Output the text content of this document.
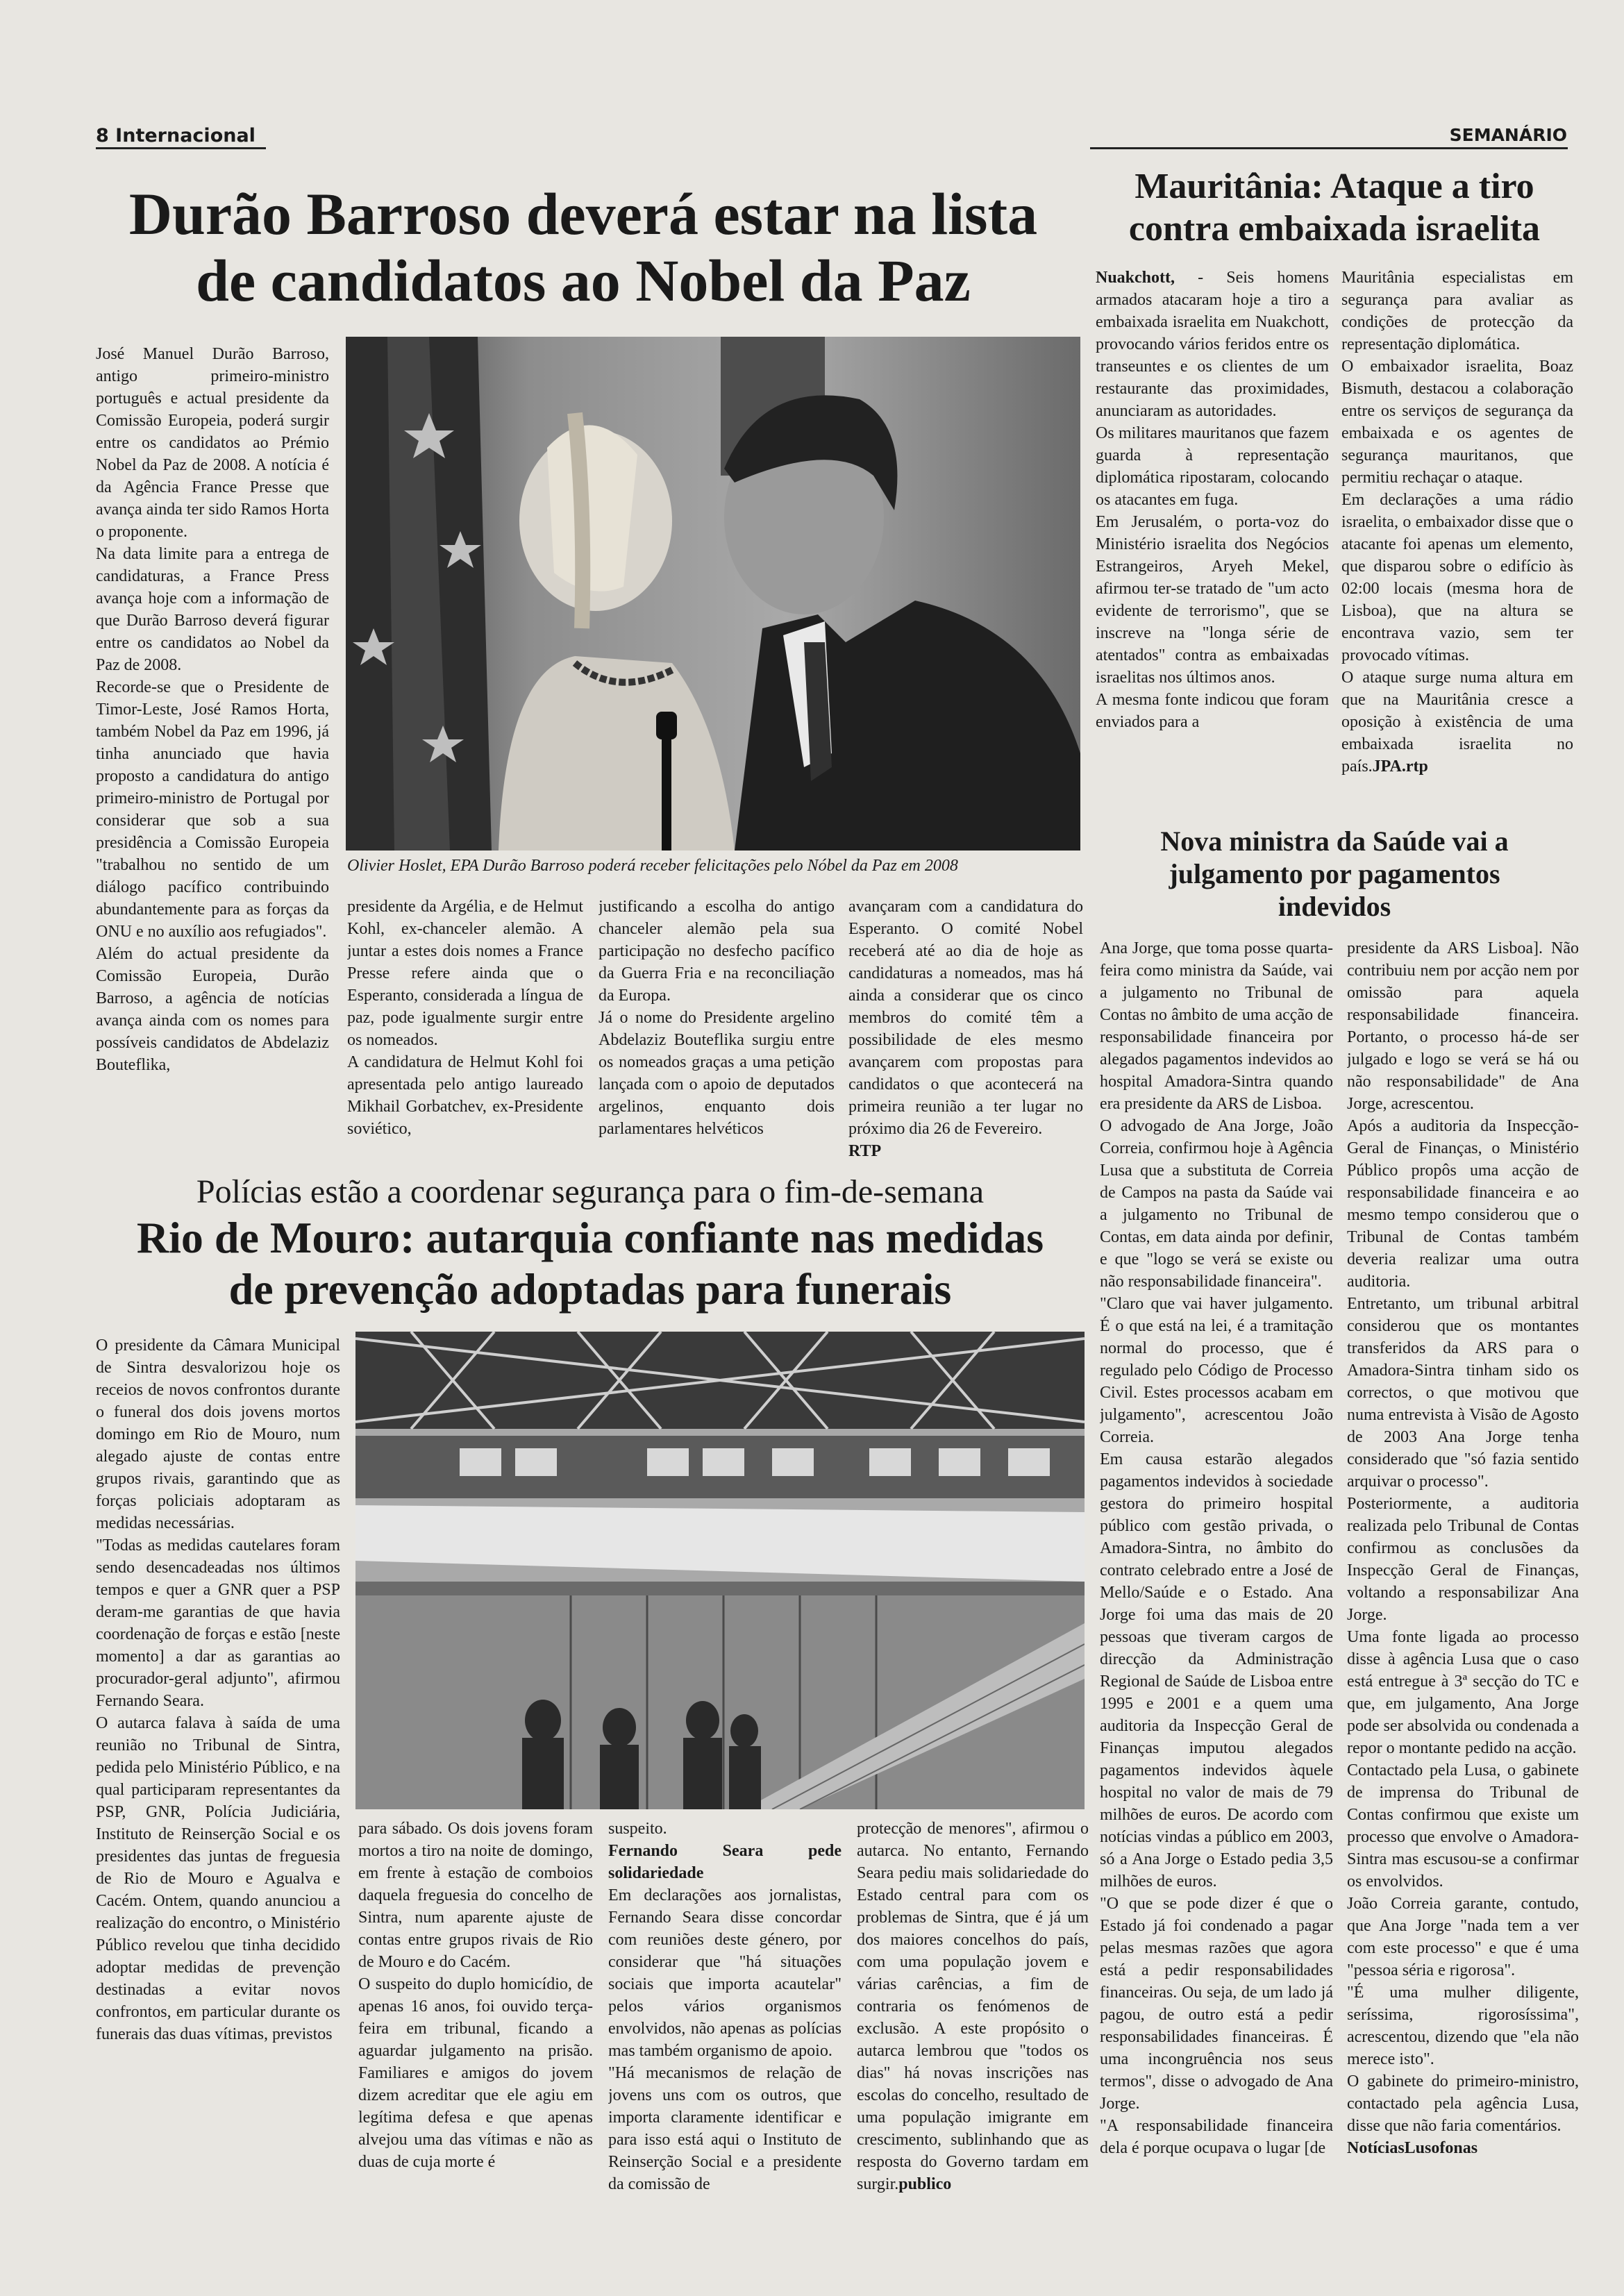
8 Internacional	SEMANÁRIO
Durão Barroso deverá estar na lista
de candidatos ao Nobel da Paz
Olivier Hoslet, EPA Durão Barroso poderá receber felicitações pelo Nóbel da Paz em 2008

José Manuel Durão Barroso, antigo primeiro-ministro português e actual presidente da Comissão Europeia, poderá surgir entre os candidatos ao Prémio Nobel da Paz de 2008. A notícia é da Agência France Presse que avança ainda ter sido Ramos Horta o proponente.

Na data limite para a entrega de candidaturas, a France Press avança hoje com a informação de que Durão Barroso deverá figurar entre os candidatos ao Nobel da Paz de 2008.

Recorde-se que o Presidente de Timor-Leste, José Ramos Horta, também Nobel da Paz em 1996, já tinha anunciado que havia proposto a candidatura do antigo primeiro-ministro de Portugal por considerar que sob a sua presidência a Comissão Europeia "trabalhou no sentido de um diálogo pacífico contribuindo abundantemente para as forças da ONU e no auxílio aos refugiados".

Além do actual presidente da Comissão Europeia, Durão Barroso, a agência de notícias avança ainda com os nomes para possíveis candidatos de Abdelaziz Bouteflika,

presidente da Argélia, e de Helmut Kohl, ex-chanceler alemão. A juntar a estes dois nomes a France Presse refere ainda que o Esperanto, considerada a língua de paz, pode igualmente surgir entre os nomeados.

A candidatura de Helmut Kohl foi apresentada pelo antigo laureado Mikhail Gorbatchev, ex-Presidente soviético,

justificando a escolha do antigo chanceler alemão pela sua participação no desfecho pacífico da Guerra Fria e na reconciliação da Europa.

Já o nome do Presidente argelino Abdelaziz Bouteflika surgiu entre os nomeados graças a uma petição lançada com o apoio de deputados argelinos, enquanto dois parlamentares helvéticos

avançaram com a candidatura do Esperanto. O comité Nobel receberá até ao dia de hoje as candidaturas a nomeados, mas há ainda a considerar que os cinco membros do comité têm a possibilidade de eles mesmo avançarem com propostas para candidatos o que acontecerá na primeira reunião a ter lugar no próximo dia 26 de Fevereiro.

RTP

Mauritânia: Ataque a tiro
contra embaixada israelita

Nuakchott, - Seis homens armados atacaram hoje a tiro a embaixada israelita em Nuakchott, provocando vários feridos entre os transeuntes e os clientes de um restaurante das proximidades, anunciaram as autoridades.

Os militares mauritanos que fazem guarda à representação diplomática ripostaram, colocando os atacantes em fuga.

Em Jerusalém, o porta-voz do Ministério israelita dos Negócios Estrangeiros, Aryeh Mekel, afirmou ter-se tratado de "um acto evidente de terrorismo", que se inscreve na "longa série de atentados" contra as embaixadas israelitas nos últimos anos.

A mesma fonte indicou que foram enviados para a

Mauritânia especialistas em segurança para avaliar as condições de protecção da representação diplomática.

O embaixador israelita, Boaz Bismuth, destacou a colaboração entre os serviços de segurança da embaixada e os agentes de segurança mauritanos, que permitiu rechaçar o ataque.

Em declarações a uma rádio israelita, o embaixador disse que o atacante foi apenas um elemento, que disparou sobre o edifício às 02:00 locais (mesma hora de Lisboa), que na altura se encontrava vazio, sem ter provocado vítimas.

O ataque surge numa altura em que na Mauritânia cresce a oposição à existência de uma embaixada israelita no país.JPA.rtp

Nova ministra da Saúde vai a
julgamento por pagamentos
indevidos

Ana Jorge, que toma posse quarta-feira como ministra da Saúde, vai a julgamento no Tribunal de Contas no âmbito de uma acção de responsabilidade financeira por alegados pagamentos indevidos ao hospital Amadora-Sintra quando era presidente da ARS de Lisboa.

O advogado de Ana Jorge, João Correia, confirmou hoje à Agência Lusa que a substituta de Correia de Campos na pasta da Saúde vai a julgamento no Tribunal de Contas, em data ainda por definir, e que "logo se verá se existe ou não responsabilidade financeira".

"Claro que vai haver julgamento. É o que está na lei, é a tramitação normal do processo, que é regulado pelo Código de Processo Civil. Estes processos acabam em julgamento", acrescentou João Correia.

Em causa estarão alegados pagamentos indevidos à sociedade gestora do primeiro hospital público com gestão privada, o Amadora-Sintra, no âmbito do contrato celebrado entre a José de Mello/Saúde e o Estado. Ana Jorge foi uma das mais de 20 pessoas que tiveram cargos de direcção da Administração Regional de Saúde de Lisboa entre 1995 e 2001 e a quem uma auditoria da Inspecção Geral de Finanças imputou alegados pagamentos indevidos àquele hospital no valor de mais de 79 milhões de euros. De acordo com notícias vindas a público em 2003, só a Ana Jorge o Estado pedia 3,5 milhões de euros.

"O que se pode dizer é que o Estado já foi condenado a pagar pelas mesmas razões que agora está a pedir responsabilidades financeiras. Ou seja, de um lado já pagou, de outro está a pedir responsabilidades financeiras. É uma incongruência nos seus termos", disse o advogado de Ana Jorge.

"A responsabilidade financeira dela é porque ocupava o lugar [de

presidente da ARS Lisboa]. Não contribuiu nem por acção nem por omissão para aquela responsabilidade financeira. Portanto, o processo há-de ser julgado e logo se verá se há ou não responsabilidade" de Ana Jorge, acrescentou.

Após a auditoria da Inspecção-Geral de Finanças, o Ministério Público propôs uma acção de responsabilidade financeira e ao mesmo tempo considerou que o Tribunal de Contas também deveria realizar uma outra auditoria.

Entretanto, um tribunal arbitral considerou que os montantes transferidos da ARS para o Amadora-Sintra tinham sido os correctos, o que motivou que numa entrevista à Visão de Agosto de 2003 Ana Jorge tenha considerado que "só fazia sentido arquivar o processo".

Posteriormente, a auditoria realizada pelo Tribunal de Contas confirmou as conclusões da Inspecção Geral de Finanças, voltando a responsabilizar Ana Jorge.

Uma fonte ligada ao processo disse à agência Lusa que o caso está entregue à 3ª secção do TC e que, em julgamento, Ana Jorge pode ser absolvida ou condenada a repor o montante pedido na acção.

Contactado pela Lusa, o gabinete de imprensa do Tribunal de Contas confirmou que existe um processo que envolve o Amadora-Sintra mas escusou-se a confirmar os envolvidos.

João Correia garante, contudo, que Ana Jorge "nada tem a ver com este processo" e que é uma "pessoa séria e rigorosa".

"É uma mulher diligente, seríssima, rigorosíssima", acrescentou, dizendo que "ela não merece isto".

O gabinete do primeiro-ministro, contactado pela agência Lusa, disse que não faria comentários.

NotíciasLusofonas

Polícias estão a coordenar segurança para o fim-de-semana
Rio de Mouro: autarquia confiante nas medidas
de prevenção adoptadas para funerais

O presidente da Câmara Municipal de Sintra desvalorizou hoje os receios de novos confrontos durante o funeral dos dois jovens mortos domingo em Rio de Mouro, num alegado ajuste de contas entre grupos rivais, garantindo que as forças policiais adoptaram as medidas necessárias.

"Todas as medidas cautelares foram sendo desencadeadas nos últimos tempos e quer a GNR quer a PSP deram-me garantias de que havia coordenação de forças e estão [neste momento] a dar as garantias ao procurador-geral adjunto", afirmou Fernando Seara.

O autarca falava à saída de uma reunião no Tribunal de Sintra, pedida pelo Ministério Público, e na qual participaram representantes da PSP, GNR, Polícia Judiciária, Instituto de Reinserção Social e os presidentes das juntas de freguesia de Rio de Mouro e Agualva e Cacém. Ontem, quando anunciou a realização do encontro, o Ministério Público revelou que tinha decidido adoptar medidas de prevenção destinadas a evitar novos confrontos, em particular durante os funerais das duas vítimas, previstos

para sábado. Os dois jovens foram mortos a tiro na noite de domingo, em frente à estação de comboios daquela freguesia do concelho de Sintra, num aparente ajuste de contas entre grupos rivais de Rio de Mouro e do Cacém.

O suspeito do duplo homicídio, de apenas 16 anos, foi ouvido terça-feira em tribunal, ficando a aguardar julgamento na prisão. Familiares e amigos do jovem dizem acreditar que ele agiu em legítima defesa e que apenas alvejou uma das vítimas e não as duas de cuja morte é

suspeito.

Fernando Seara pede solidariedade

Em declarações aos jornalistas, Fernando Seara disse concordar com reuniões deste género, por considerar que "há situações sociais que importa acautelar" pelos vários organismos envolvidos, não apenas as polícias mas também organismo de apoio.

"Há mecanismos de relação de jovens uns com os outros, que importa claramente identificar e para isso está aqui o Instituto de Reinserção Social e a presidente da comissão de

protecção de menores", afirmou o autarca. No entanto, Fernando Seara pediu mais solidariedade do Estado central para com os problemas de Sintra, que é já um dos maiores concelhos do país, com uma população jovem e várias carências, a fim de contraria os fenómenos de exclusão. A este propósito o autarca lembrou que "todos os dias" há novas inscrições nas escolas do concelho, resultado de uma população imigrante em crescimento, sublinhando que as resposta do Governo tardam em surgir.publico
